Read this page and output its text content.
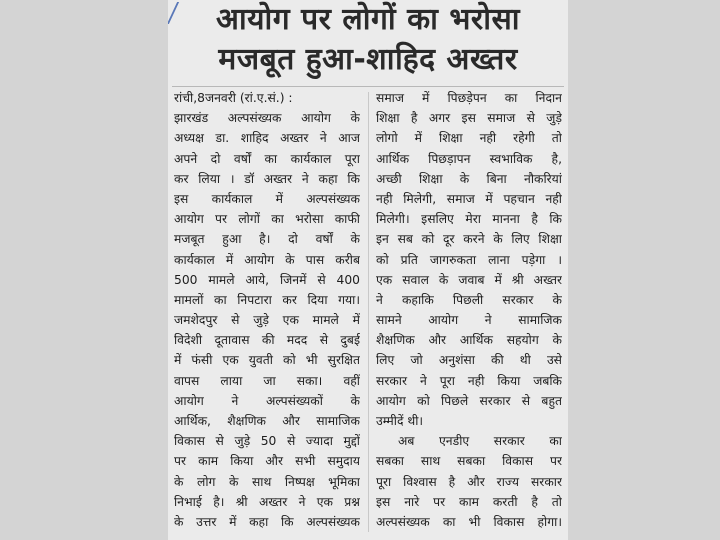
आयोग पर लोगों का भरोसा
मजबूत हुआ-शाहिद अख्तर
रांची,8जनवरी (रां.ए.सं.) :
झारखंड अल्पसंख्यक आयोग के
अध्यक्ष डा. शाहिद अख्तर ने आज
अपने दो वर्षों का कार्यकाल पूरा
कर लिया । डॉ अख्तर ने कहा कि
इस कार्यकाल में अल्पसंख्यक
आयोग पर लोगों का भरोसा काफी
मजबूत हुआ है। दो वर्षों के
कार्यकाल में आयोग के पास करीब
500 मामले आये, जिनमें से 400
मामलों का निपटारा कर दिया गया।
जमशेदपुर से जुड़े एक मामले में
विदेशी दूतावास की मदद से दुबई
में फंसी एक युवती को भी सुरक्षित
वापस लाया जा सका। वहीं
आयोग ने अल्पसंख्यकों के
आर्थिक, शैक्षणिक और सामाजिक
विकास से जुड़े 50 से ज्यादा मुद्दों
पर काम किया और सभी समुदाय
के लोग के साथ निष्पक्ष भूमिका
निभाई है। श्री अख्तर ने एक प्रश्न
के उत्तर में कहा कि अल्पसंख्यक
समाज में पिछड़ेपन का निदान
शिक्षा है अगर इस समाज से जुड़े
लोगो में शिक्षा नही रहेगी तो
आर्थिक पिछड़ापन स्वभाविक है,
अच्छी शिक्षा के बिना नौकरियां
नही मिलेगी, समाज में पहचान नही
मिलेगी। इसलिए मेरा मानना है कि
इन सब को दूर करने के लिए शिक्षा
को प्रति जागरुकता लाना पड़ेगा ।
एक सवाल के जवाब में श्री अख्तर
ने कहाकि पिछली सरकार के
सामने आयोग ने सामाजिक
शैक्षणिक और आर्थिक सहयोग के
लिए जो अनुशंसा की थी उसे
सरकार ने पूरा नही किया जबकि
आयोग को पिछले सरकार से बहुत
उम्मीदें थी।
अब एनडीए सरकार का
सबका साथ सबका विकास पर
पूरा विश्वास है और राज्य सरकार
इस नारे पर काम करती है तो
अल्पसंख्यक का भी विकास होगा।
